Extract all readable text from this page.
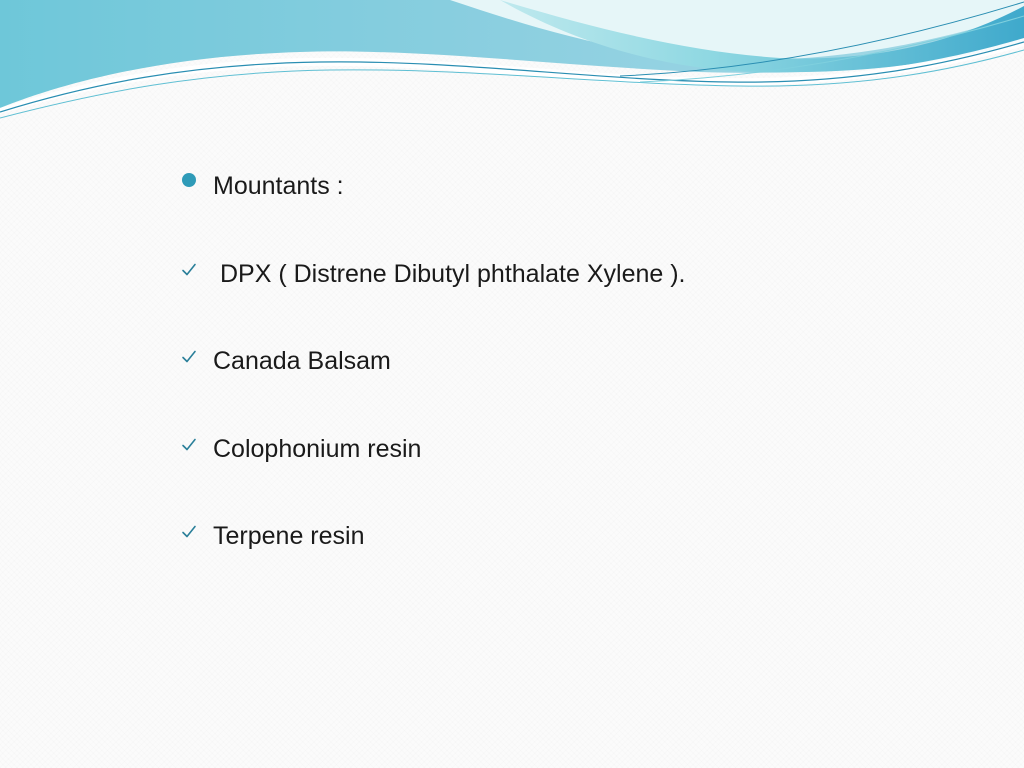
Mountants :
DPX ( Distrene Dibutyl phthalate Xylene ).
Canada Balsam
Colophonium resin
Terpene resin
